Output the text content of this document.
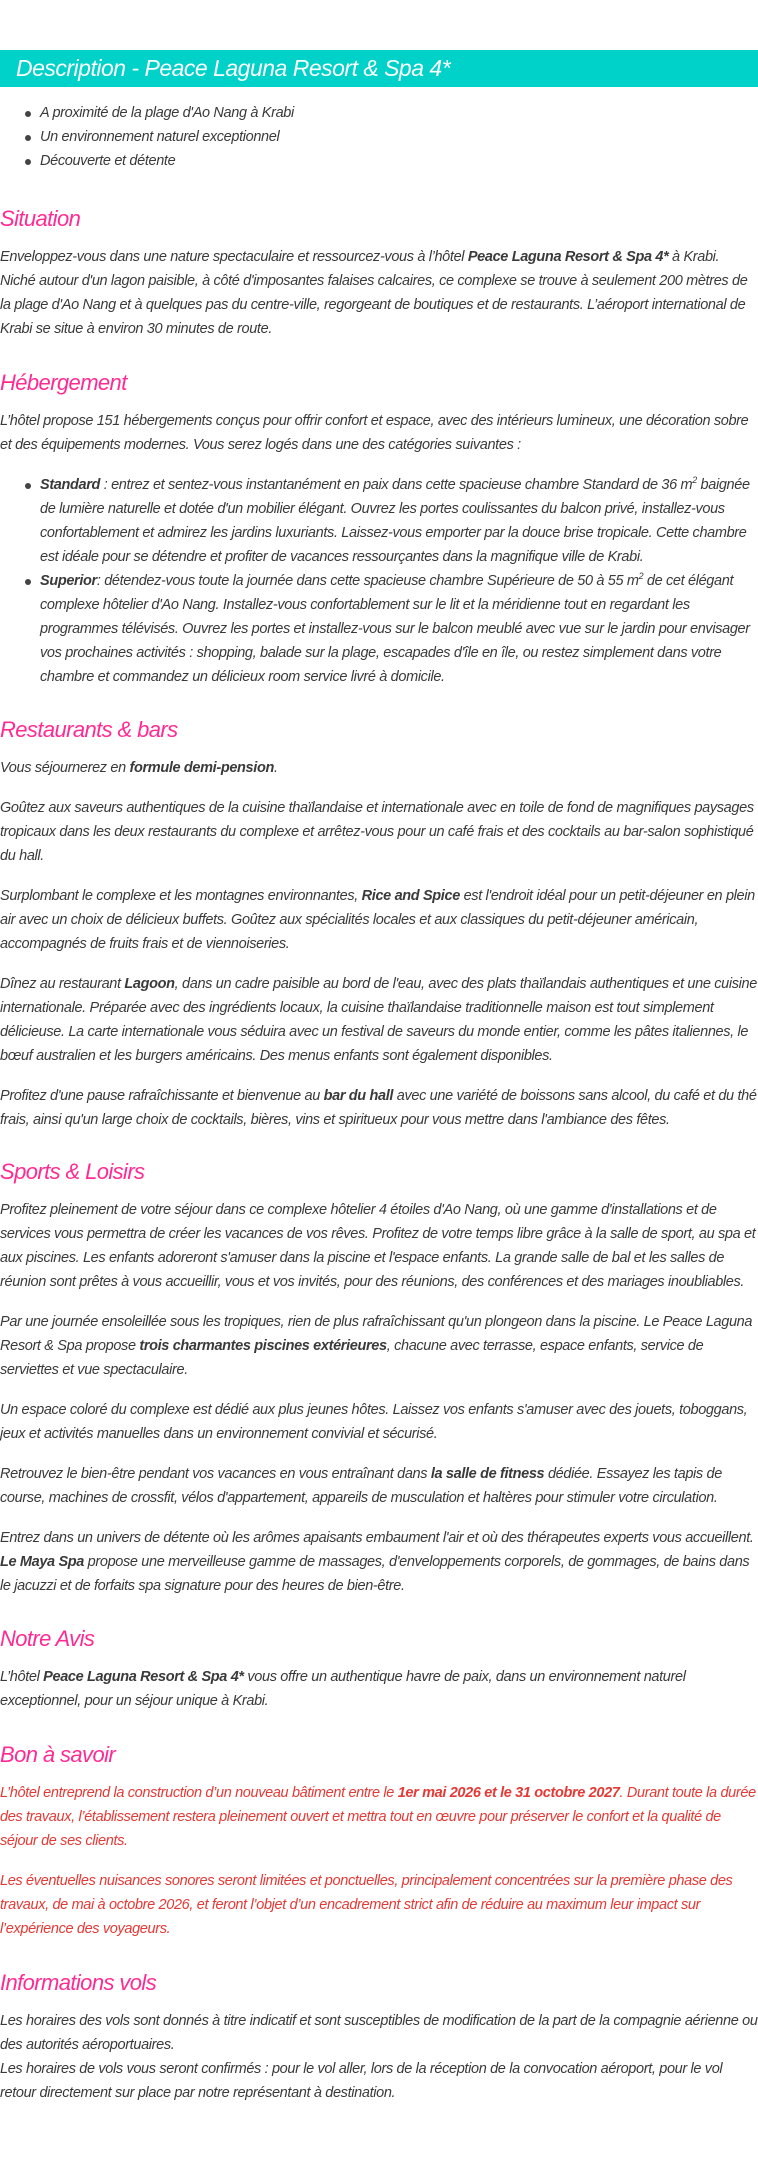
Description - Peace Laguna Resort & Spa 4*
A proximité de la plage d'Ao Nang à Krabi
Un environnement naturel exceptionnel
Découverte et détente
Situation

Enveloppez-vous dans une nature spectaculaire et ressourcez-vous à l’hôtel Peace Laguna Resort & Spa 4* à Krabi. Niché autour d'un lagon paisible, à côté d'imposantes falaises calcaires, ce complexe se trouve à seulement 200 mètres de la plage d'Ao Nang et à quelques pas du centre-ville, regorgeant de boutiques et de restaurants. L’aéroport international de Krabi se situe à environ 30 minutes de route.

Hébergement

L’hôtel propose 151 hébergements conçus pour offrir confort et espace, avec des intérieurs lumineux, une décoration sobre et des équipements modernes. Vous serez logés dans une des catégories suivantes :

Standard : entrez et sentez-vous instantanément en paix dans cette spacieuse chambre Standard de 36 $m^2$ baignée de lumière naturelle et dotée d'un mobilier élégant. Ouvrez les portes coulissantes du balcon privé, installez-vous confortablement et admirez les jardins luxuriants. Laissez-vous emporter par la douce brise tropicale. Cette chambre est idéale pour se détendre et profiter de vacances ressourçantes dans la magnifique ville de Krabi.
Superior: détendez-vous toute la journée dans cette spacieuse chambre Supérieure de 50 à 55 $m^2$ de cet élégant complexe hôtelier d'Ao Nang. Installez-vous confortablement sur le lit et la méridienne tout en regardant les programmes télévisés. Ouvrez les portes et installez-vous sur le balcon meublé avec vue sur le jardin pour envisager vos prochaines activités : shopping, balade sur la plage, escapades d'île en île, ou restez simplement dans votre chambre et commandez un délicieux room service livré à domicile.
Restaurants & bars

Vous séjournerez en formule demi-pension.

Goûtez aux saveurs authentiques de la cuisine thaïlandaise et internationale avec en toile de fond de magnifiques paysages tropicaux dans les deux restaurants du complexe et arrêtez-vous pour un café frais et des cocktails au bar-salon sophistiqué du hall.

Surplombant le complexe et les montagnes environnantes, Rice and Spice est l'endroit idéal pour un petit-déjeuner en plein air avec un choix de délicieux buffets. Goûtez aux spécialités locales et aux classiques du petit-déjeuner américain, accompagnés de fruits frais et de viennoiseries.

Dînez au restaurant Lagoon, dans un cadre paisible au bord de l'eau, avec des plats thaïlandais authentiques et une cuisine internationale. Préparée avec des ingrédients locaux, la cuisine thaïlandaise traditionnelle maison est tout simplement délicieuse. La carte internationale vous séduira avec un festival de saveurs du monde entier, comme les pâtes italiennes, le bœuf australien et les burgers américains. Des menus enfants sont également disponibles.

Profitez d'une pause rafraîchissante et bienvenue au bar du hall avec une variété de boissons sans alcool, du café et du thé frais, ainsi qu'un large choix de cocktails, bières, vins et spiritueux pour vous mettre dans l'ambiance des fêtes.

Sports & Loisirs

Profitez pleinement de votre séjour dans ce complexe hôtelier 4 étoiles d'Ao Nang, où une gamme d'installations et de services vous permettra de créer les vacances de vos rêves. Profitez de votre temps libre grâce à la salle de sport, au spa et aux piscines. Les enfants adoreront s'amuser dans la piscine et l'espace enfants. La grande salle de bal et les salles de réunion sont prêtes à vous accueillir, vous et vos invités, pour des réunions, des conférences et des mariages inoubliables.

Par une journée ensoleillée sous les tropiques, rien de plus rafraîchissant qu'un plongeon dans la piscine. Le Peace Laguna Resort & Spa propose trois charmantes piscines extérieures, chacune avec terrasse, espace enfants, service de serviettes et vue spectaculaire.

Un espace coloré du complexe est dédié aux plus jeunes hôtes. Laissez vos enfants s'amuser avec des jouets, toboggans, jeux et activités manuelles dans un environnement convivial et sécurisé.

Retrouvez le bien-être pendant vos vacances en vous entraînant dans la salle de fitness dédiée. Essayez les tapis de course, machines de crossfit, vélos d'appartement, appareils de musculation et haltères pour stimuler votre circulation.

Entrez dans un univers de détente où les arômes apaisants embaument l'air et où des thérapeutes experts vous accueillent. Le Maya Spa propose une merveilleuse gamme de massages, d'enveloppements corporels, de gommages, de bains dans le jacuzzi et de forfaits spa signature pour des heures de bien-être.

Notre Avis

L’hôtel Peace Laguna Resort & Spa 4* vous offre un authentique havre de paix, dans un environnement naturel exceptionnel, pour un séjour unique à Krabi.

Bon à savoir

L’hôtel entreprend la construction d’un nouveau bâtiment entre le 1er mai 2026 et le 31 octobre 2027. Durant toute la durée des travaux, l’établissement restera pleinement ouvert et mettra tout en œuvre pour préserver le confort et la qualité de séjour de ses clients.

Les éventuelles nuisances sonores seront limitées et ponctuelles, principalement concentrées sur la première phase des travaux, de mai à octobre 2026, et feront l’objet d’un encadrement strict afin de réduire au maximum leur impact sur l’expérience des voyageurs.

Informations vols

Les horaires des vols sont donnés à titre indicatif et sont susceptibles de modification de la part de la compagnie aérienne ou des autorités aéroportuaires.

Les horaires de vols vous seront confirmés : pour le vol aller, lors de la réception de la convocation aéroport, pour le vol retour directement sur place par notre représentant à destination.
